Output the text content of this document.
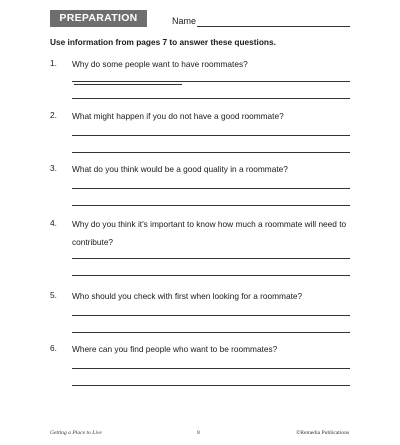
PREPARATION	Name
Use information from pages 7 to answer these questions.
1. Why do some people want to have roommates?
2. What might happen if you do not have a good roommate?
3. What do you think would be a good quality in a roommate?
4. Why do you think it's important to know how much a roommate will need to contribute?
5. Who should you check with first when looking for a roommate?
6. Where can you find people who want to be roommates?
Getting a Place to Live	8	©Remedia Publications
